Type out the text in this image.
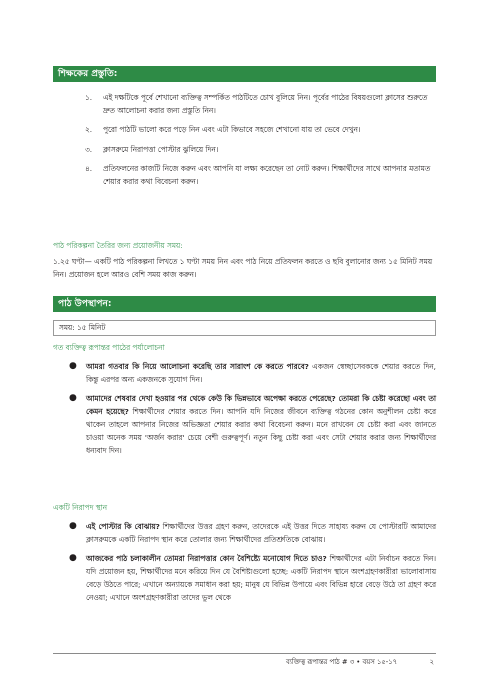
শিক্ষকের প্রস্তুতি:
১. এই দক্ষটিকে পূর্বে শেখানো ব্যক্তিত্ব সম্পর্কিত পাঠটিতে চোখ বুলিয়ে নিন। পূর্বের পাঠের বিষয়গুলো ক্লাসের শুরুতে দ্রুত আলোচনা করার জন্য প্রস্তুতি নিন।
২. পুরো পাঠটি ভালো করে পড়ে নিন এবং এটা কিভাবে সহজে শেখানো যায় তা ভেবে দেখুন।
৩. ক্লাসরুমে নিরাপত্তা পোস্টার ঝুলিয়ে দিন।
৪. প্রতিফলনের কাজটি নিজে করুন এবং আপনি যা লক্ষ্য করেছেন তা নোট করুন। শিক্ষার্থীদের সাথে আপনার মতামত শেয়ার করার কথা বিবেচনা করুন।
পাঠ পরিকল্পনা তৈরির জন্য প্রয়োজনীয় সময়:
১.২৫ ঘণ্টা— একটি পাঠ পরিকল্পনা লিখতে ১ ঘণ্টা সময় নিন এবং পাঠ নিয়ে প্রতিফলন করতে ও ছবি বুলানোর জন্য ১৫ মিনিট সময় নিন। প্রয়োজন হলে আরও বেশি সময় কাজ করুন।
পাঠ উপস্থাপন:
সময়: ১৫ মিনিট
গত ব্যক্তিত্ব রূপান্তর পাঠের পর্যালোচনা
● আমরা গতবার কি নিয়ে আলোচনা করেছি তার সারাংশ কে করতে পারবে? একজন স্বেচ্ছাসেবককে শেয়ার করতে দিন, কিন্তু এরপর অন্য একজনকে সুযোগ দিন।
● আমাদের শেষবার দেখা হওয়ার পর থেকে কেউ কি ভিন্নভাবে অপেক্ষা করতে পেরেছে? তোমরা কি চেষ্টা করেছো এবং তা কেমন হয়েছে? শিক্ষার্থীদের শেয়ার করতে দিন। আপনি যদি নিজের জীবনে ব্যক্তিত্ব গঠনের কোন অনুশীলন চেষ্টা করে থাকেন তাহলে আপনার নিজের অভিজ্ঞতা শেয়ার করার কথা বিবেচনা করুন। মনে রাখবেন যে চেষ্টা করা এবং জানতে চাওয়া অনেক সময় 'অর্জন করার' চেয়ে বেশী গুরুত্বপূর্ণ। নতুন কিছু চেষ্টা করা এবং সেটা শেয়ার করার জন্য শিক্ষার্থীদের ধন্যবাদ দিন।
একটি নিরাপদ স্থান
● এই পোস্টার কি বোঝায়? শিক্ষার্থীদের উত্তর গ্রহণ করুন, তাদেরকে এই উত্তর দিতে সাহায্য করুন যে পোস্টারটি আমাদের ক্লাসরুমকে একটি নিরাপদ স্থান করে তোলার জন্য শিক্ষার্থীদের প্রতিশ্রুতিকে বোঝায়।
● আজকের পাঠ চলাকালীন তোমরা নিরাপত্তার কোন বৈশিষ্ট্যে মনোযোগ দিতে চাও? শিক্ষার্থীদের এটা নির্বাচন করতে দিন। যদি প্রয়োজন হয়, শিক্ষার্থীদের মনে করিয়ে দিন যে বৈশিষ্ট্যগুলো হচ্ছে: একটি নিরাপদ স্থানে অংশগ্রহণকারীরা ভালোবাসায় বেড়ে উঠতে পারে; এখানে অন্যায়কে সমাধান করা হয়; মানুষ যে বিভিন্ন উপায়ে এবং বিভিন্ন হারে বেড়ে উঠে তা গ্রহণ করে নেওয়া; এখানে অংশগ্রহণকারীরা তাদের ভুল থেকে
ব্যক্তিত্ব রূপান্তর পাঠ # ৩ • বয়স ১৫-১৭	২
